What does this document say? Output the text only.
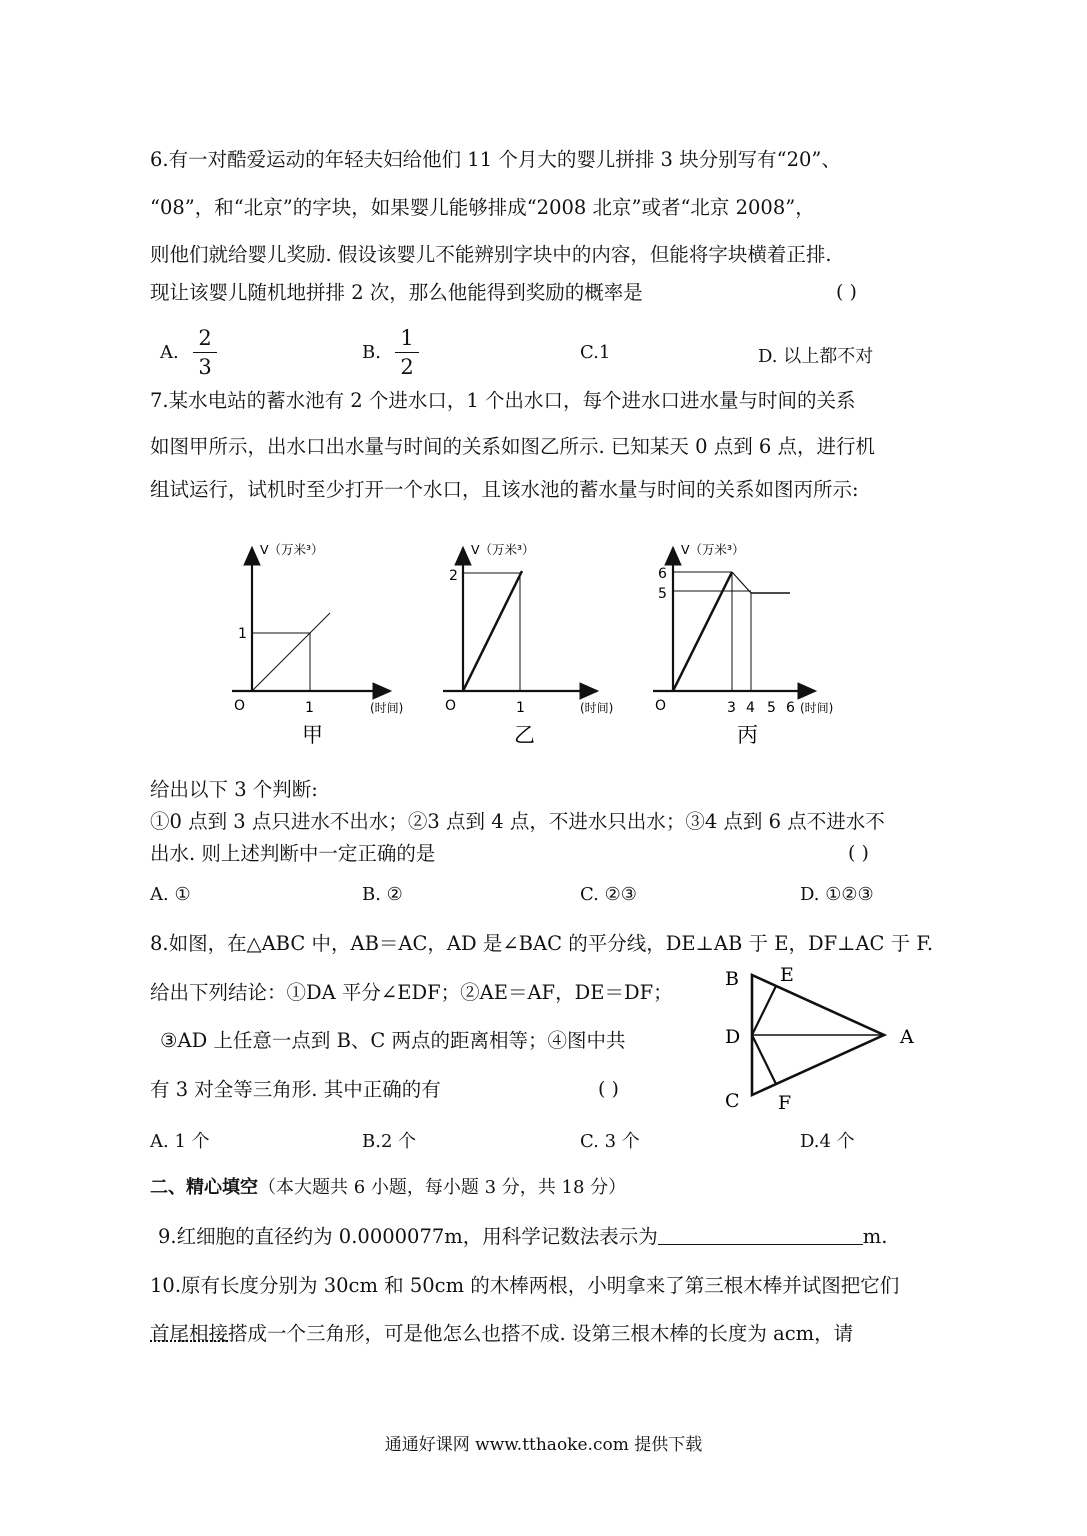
6.有一对酷爱运动的年轻夫妇给他们 11 个月大的婴儿拼排 3 块分别写有“20”、
“08”，和“北京”的字块，如果婴儿能够排成“2008 北京”或者“北京 2008”，
则他们就给婴儿奖励. 假设该婴儿不能辨别字块中的内容，但能将字块横着正排.
现让该婴儿随机地拼排 2 次，那么他能得到奖励的概率是	( )
A. $\frac{2}{3}$	B. $\frac{1}{2}$	C.1	D. 以上都不对
7.某水电站的蓄水池有 2 个进水口，1 个出水口，每个进水口进水量与时间的关系
如图甲所示，出水口出水量与时间的关系如图乙所示. 已知某天 0 点到 6 点，进行机
组试运行，试机时至少打开一个水口，且该水池的蓄水量与时间的关系如图丙所示:
V（万米³）
1
1
O	(时间)
甲
V（万米³）
2
1
O	(时间)
乙
V（万米³）
6
5
3 4 5 6
O	(时间)
丙
给出以下 3 个判断:
①0 点到 3 点只进水不出水；②3 点到 4 点，不进水只出水；③4 点到 6 点不进水不
出水. 则上述判断中一定正确的是	( )
A. ①	B. ②	C. ②③	D. ①②③
8.如图，在△ABC 中，AB＝AC，AD 是∠BAC 的平分线，DE⊥AB 于 E，DF⊥AC 于 F.
给出下列结论：①DA 平分∠EDF；②AE＝AF，DE＝DF；
③AD 上任意一点到 B、C 两点的距离相等；④图中共
有 3 对全等三角形. 其中正确的有	( )
B E
D	A
C F
A. 1 个	B.2 个	C. 3 个	D.4 个
二、精心填空（本大题共 6 小题，每小题 3 分，共 18 分）
9.红细胞的直径约为 0.0000077m，用科学记数法表示为	m.
10.原有长度分别为 30cm 和 50cm 的木棒两根，小明拿来了第三根木棒并试图把它们
首尾相接搭成一个三角形，可是他怎么也搭不成. 设第三根木棒的长度为 acm，请
通通好课网 www.tthaoke.com 提供下载
